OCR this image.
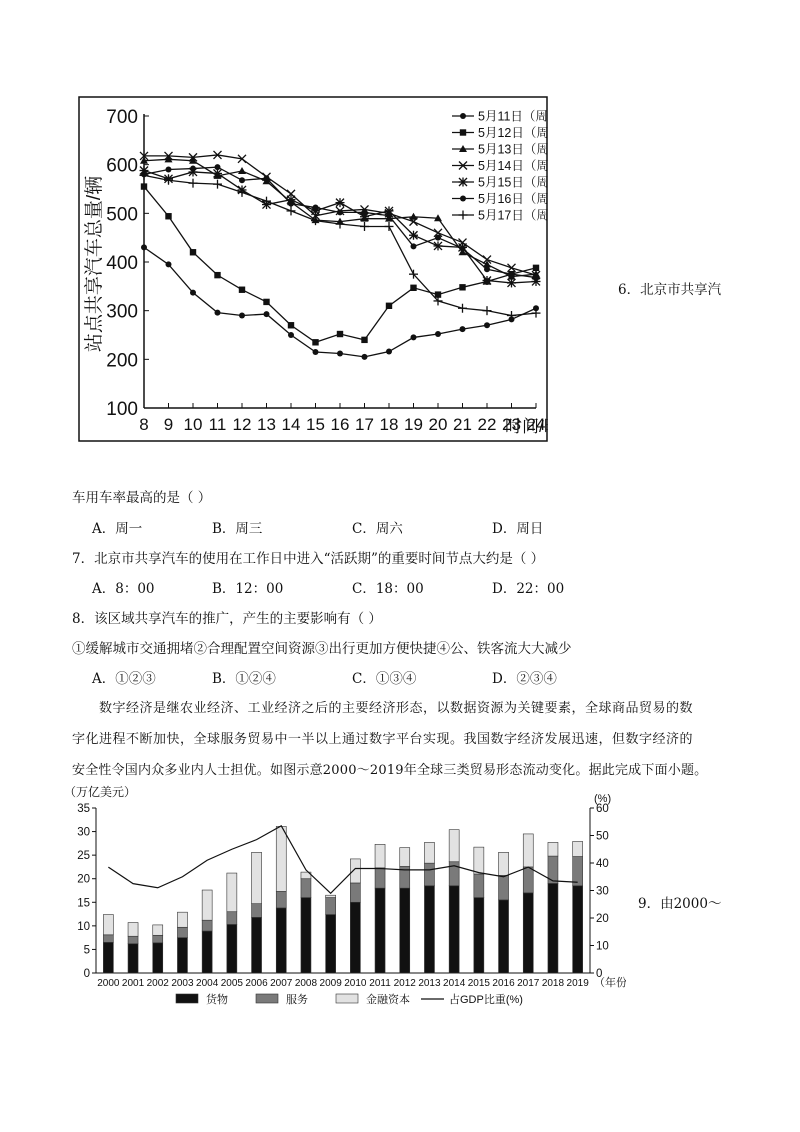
100
200
300
400
500
600
700
8 9 10 11 12 13 14 15 16 17 18 19 20 21 22 23 24
5月11日（周
5月12日（周
5月13日（周
5月14日（周
5月15日（周
5月16日（周
5月17日（周
时间/
站点共享汽车总量/辆	6．北京市共享汽
车用车率最高的是（ ）
A．周一	B．周三	C．周六	D．周日
7．北京市共享汽车的使用在工作日中进入“活跃期”的重要时间节点大约是（ ）
A．8：00	B．12：00	C．18：00	D．22：00
8．该区域共享汽车的推广，产生的主要影响有（ ）
①缓解城市交通拥堵②合理配置空间资源③出行更加方便快捷④公、铁客流大大减少
A．①②③	B．①②④	C．①③④	D．②③④
数字经济是继农业经济、工业经济之后的主要经济形态，以数据资源为关键要素，全球商品贸易的数
字化进程不断加快，全球服务贸易中一半以上通过数字平台实现。我国数字经济发展迅速，但数字经济的
安全性令国内众多业内人士担优。如图示意2000～2019年全球三类贸易形态流动变化。据此完成下面小题。
（万亿美元）	(%)
0
5
10
15
20
25
30
35
0
10
20
30
40
50
60
2000 2001 2002 2003 2004 2005 2006 2007 2008 2009 2010 2011 2012 2013 2014 2015 2016 2017 2018 2019 （年份
货物	服务	金融资本	占GDP比重(%)
9．由2000～
